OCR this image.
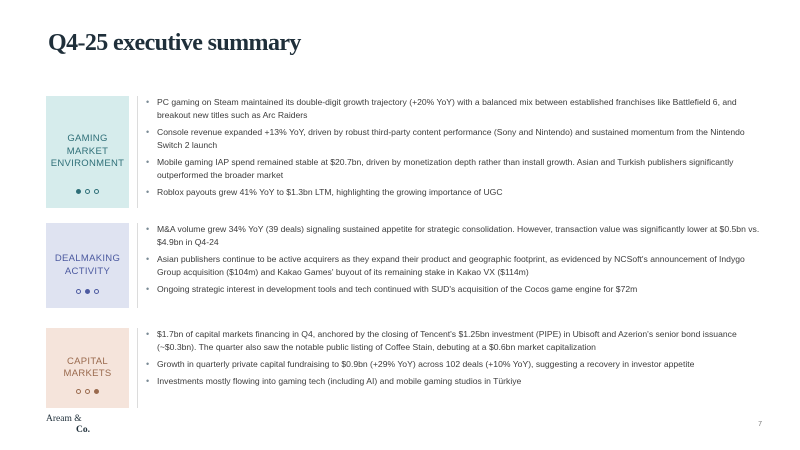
Q4-25 executive summary
GAMING
MARKET
ENVIRONMENT
• PC gaming on Steam maintained its double-digit growth trajectory (+20% YoY) with a balanced mix between established franchises like Battlefield 6, and breakout new titles such as Arc Raiders
• Console revenue expanded +13% YoY, driven by robust third-party content performance (Sony and Nintendo) and sustained momentum from the Nintendo Switch 2 launch
• Mobile gaming IAP spend remained stable at $20.7bn, driven by monetization depth rather than install growth. Asian and Turkish publishers significantly outperformed the broader market
• Roblox payouts grew 41% YoY to $1.3bn LTM, highlighting the growing importance of UGC
DEALMAKING
ACTIVITY
• M&A volume grew 34% YoY (39 deals) signaling sustained appetite for strategic consolidation. However, transaction value was significantly lower at $0.5bn vs. $4.9bn in Q4-24
• Asian publishers continue to be active acquirers as they expand their product and geographic footprint, as evidenced by NCSoft's announcement of Indygo Group acquisition ($104m) and Kakao Games' buyout of its remaining stake in Kakao VX ($114m)
• Ongoing strategic interest in development tools and tech continued with SUD's acquisition of the Cocos game engine for $72m
CAPITAL
MARKETS
• $1.7bn of capital markets financing in Q4, anchored by the closing of Tencent's $1.25bn investment (PIPE) in Ubisoft and Azerion's senior bond issuance (~$0.3bn). The quarter also saw the notable public listing of Coffee Stain, debuting at a $0.6bn market capitalization
• Growth in quarterly private capital fundraising to $0.9bn (+29% YoY) across 102 deals (+10% YoY), suggesting a recovery in investor appetite
• Investments mostly flowing into gaming tech (including AI) and mobile gaming studios in Türkiye
Aream &
Co.
7
